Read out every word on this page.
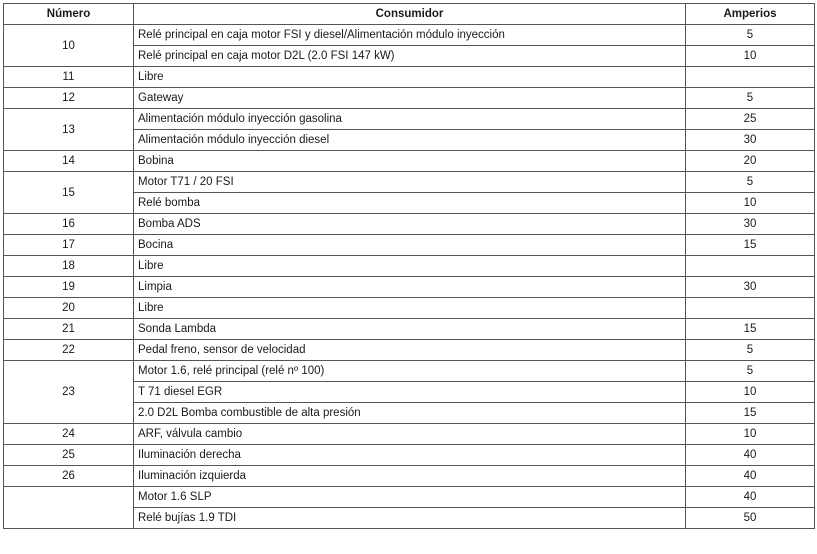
Número	Consumidor	Amperios
10	Relé principal en caja motor FSI y diesel/Alimentación módulo inyección	5
	Relé principal en caja motor D2L (2.0 FSI 147 kW)	10
11	Libre	
12	Gateway	5
13	Alimentación módulo inyección gasolina	25
	Alimentación módulo inyección diesel	30
14	Bobina	20
15	Motor T71 / 20 FSI	5
	Relé bomba	10
16	Bomba ADS	30
17	Bocina	15
18	Libre	
19	Limpia	30
20	Libre	
21	Sonda Lambda	15
22	Pedal freno, sensor de velocidad	5
23	Motor 1.6, relé principal (relé nº 100)	5
	T 71 diesel EGR	10
	2.0 D2L Bomba combustible de alta presión	15
24	ARF, válvula cambio	10
25	Iluminación derecha	40
26	Iluminación izquierda	40
	Motor 1.6 SLP	40
	Relé bujías 1.9 TDI	50
